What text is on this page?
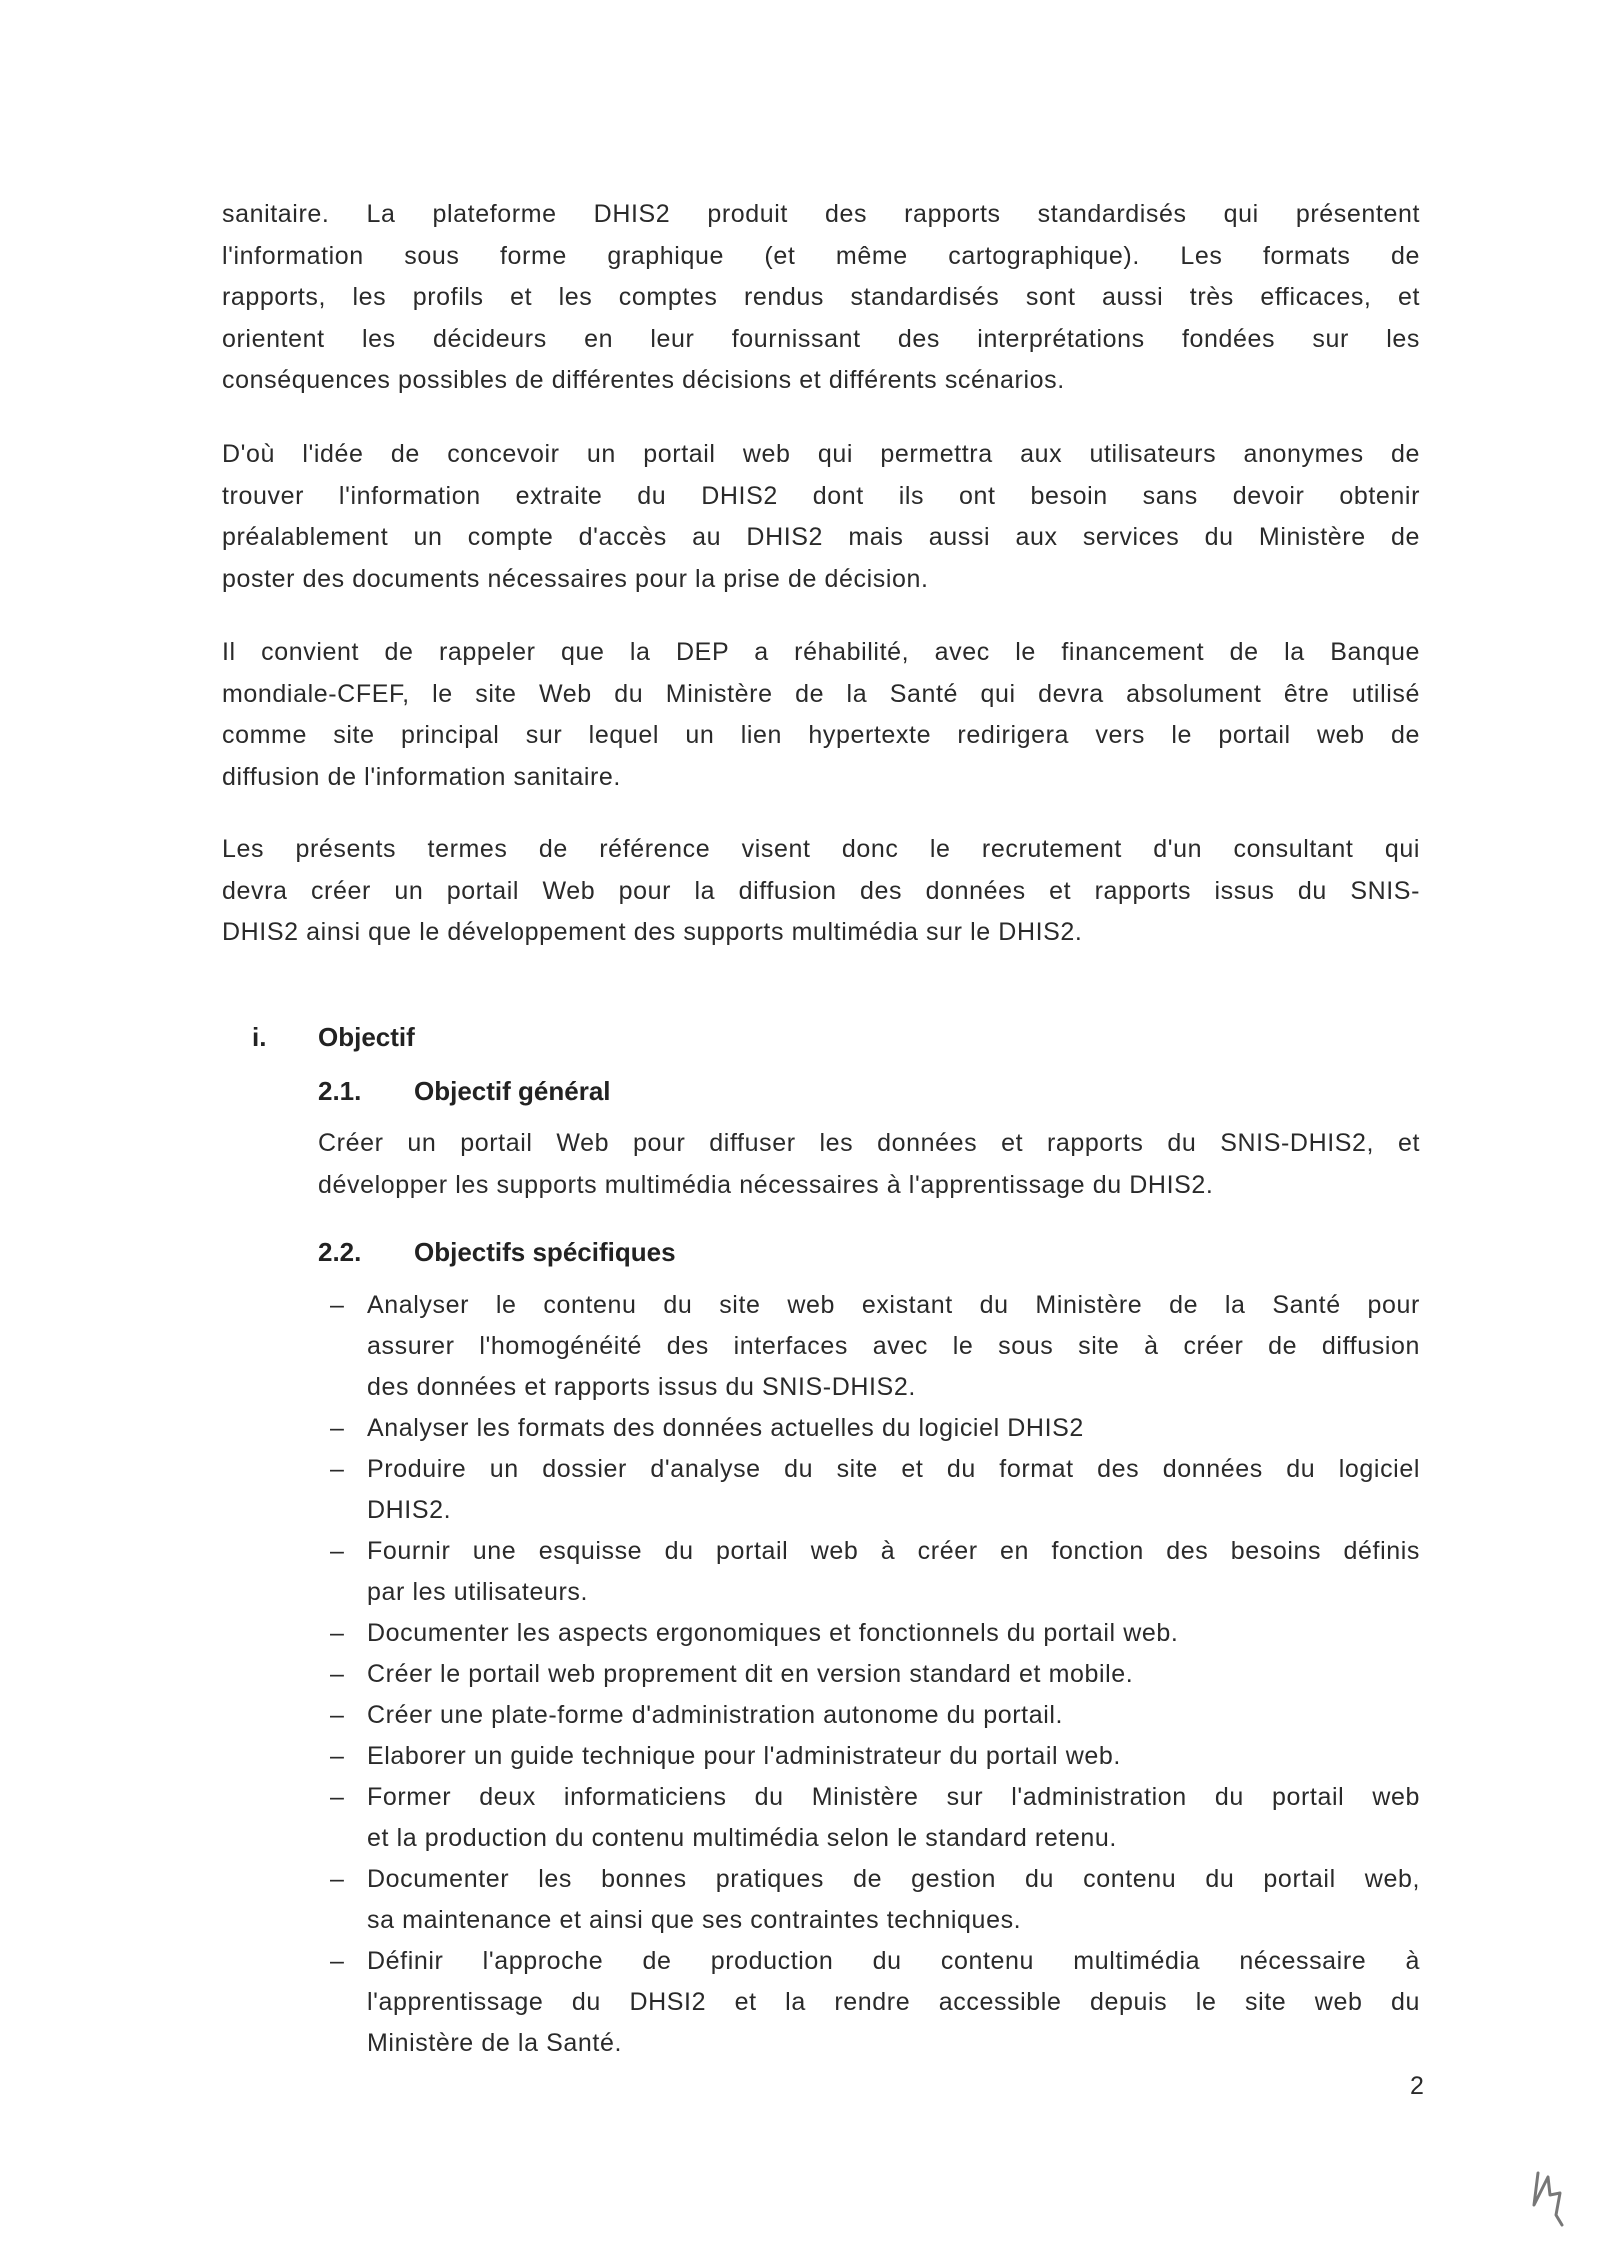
sanitaire. La plateforme DHIS2 produit des rapports standardisés qui présentent
l'information sous forme graphique (et même cartographique). Les formats de
rapports, les profils et les comptes rendus standardisés sont aussi très efficaces, et
orientent les décideurs en leur fournissant des interprétations fondées sur les
conséquences possibles de différentes décisions et différents scénarios.
D'où l'idée de concevoir un portail web qui permettra aux utilisateurs anonymes de
trouver l'information extraite du DHIS2 dont ils ont besoin sans devoir obtenir
préalablement un compte d'accès au DHIS2 mais aussi aux services du Ministère de
poster des documents nécessaires pour la prise de décision.
Il convient de rappeler que la DEP a réhabilité, avec le financement de la Banque
mondiale-CFEF, le site Web du Ministère de la Santé qui devra absolument être utilisé
comme site principal sur lequel un lien hypertexte redirigera vers le portail web de
diffusion de l'information sanitaire.
Les présents termes de référence visent donc le recrutement d'un consultant qui
devra créer un portail Web pour la diffusion des données et rapports issus du SNIS-
DHIS2 ainsi que le développement des supports multimédia sur le DHIS2.
i. Objectif
2.1. Objectif général
Créer un portail Web pour diffuser les données et rapports du SNIS-DHIS2, et
développer les supports multimédia nécessaires à l'apprentissage du DHIS2.
2.2. Objectifs spécifiques
– Analyser le contenu du site web existant du Ministère de la Santé pour
assurer l'homogénéité des interfaces avec le sous site à créer de diffusion
des données et rapports issus du SNIS-DHIS2.
– Analyser les formats des données actuelles du logiciel DHIS2
– Produire un dossier d'analyse du site et du format des données du logiciel
DHIS2.
– Fournir une esquisse du portail web à créer en fonction des besoins définis
par les utilisateurs.
– Documenter les aspects ergonomiques et fonctionnels du portail web.
– Créer le portail web proprement dit en version standard et mobile.
– Créer une plate-forme d'administration autonome du portail.
– Elaborer un guide technique pour l'administrateur du portail web.
– Former deux informaticiens du Ministère sur l'administration du portail web
et la production du contenu multimédia selon le standard retenu.
– Documenter les bonnes pratiques de gestion du contenu du portail web,
sa maintenance et ainsi que ses contraintes techniques.
– Définir l'approche de production du contenu multimédia nécessaire à
l'apprentissage du DHSI2 et la rendre accessible depuis le site web du
Ministère de la Santé.
2
